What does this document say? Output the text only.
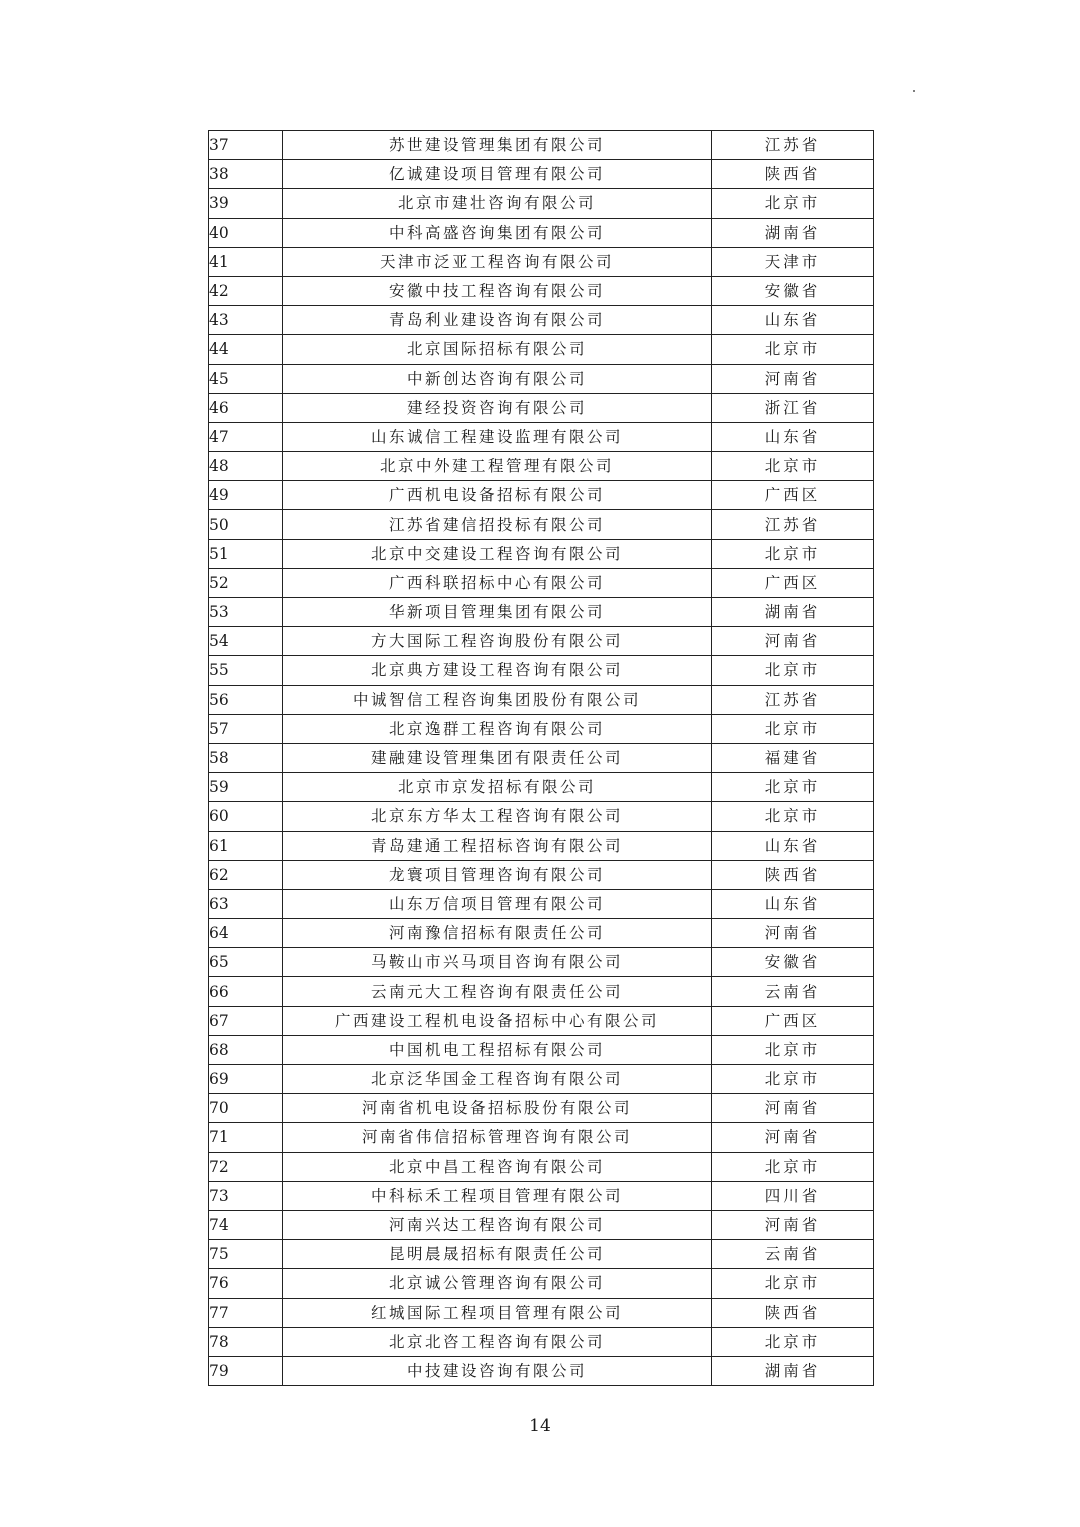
37	苏世建设管理集团有限公司	江苏省
38	亿诚建设项目管理有限公司	陕西省
39	北京市建壮咨询有限公司	北京市
40	中科高盛咨询集团有限公司	湖南省
41	天津市泛亚工程咨询有限公司	天津市
42	安徽中技工程咨询有限公司	安徽省
43	青岛利业建设咨询有限公司	山东省
44	北京国际招标有限公司	北京市
45	中新创达咨询有限公司	河南省
46	建经投资咨询有限公司	浙江省
47	山东诚信工程建设监理有限公司	山东省
48	北京中外建工程管理有限公司	北京市
49	广西机电设备招标有限公司	广西区
50	江苏省建信招投标有限公司	江苏省
51	北京中交建设工程咨询有限公司	北京市
52	广西科联招标中心有限公司	广西区
53	华新项目管理集团有限公司	湖南省
54	方大国际工程咨询股份有限公司	河南省
55	北京典方建设工程咨询有限公司	北京市
56	中诚智信工程咨询集团股份有限公司	江苏省
57	北京逸群工程咨询有限公司	北京市
58	建融建设管理集团有限责任公司	福建省
59	北京市京发招标有限公司	北京市
60	北京东方华太工程咨询有限公司	北京市
61	青岛建通工程招标咨询有限公司	山东省
62	龙寰项目管理咨询有限公司	陕西省
63	山东万信项目管理有限公司	山东省
64	河南豫信招标有限责任公司	河南省
65	马鞍山市兴马项目咨询有限公司	安徽省
66	云南元大工程咨询有限责任公司	云南省
67	广西建设工程机电设备招标中心有限公司	广西区
68	中国机电工程招标有限公司	北京市
69	北京泛华国金工程咨询有限公司	北京市
70	河南省机电设备招标股份有限公司	河南省
71	河南省伟信招标管理咨询有限公司	河南省
72	北京中昌工程咨询有限公司	北京市
73	中科标禾工程项目管理有限公司	四川省
74	河南兴达工程咨询有限公司	河南省
75	昆明晨晟招标有限责任公司	云南省
76	北京诚公管理咨询有限公司	北京市
77	红城国际工程项目管理有限公司	陕西省
78	北京北咨工程咨询有限公司	北京市
79	中技建设咨询有限公司	湖南省
14
